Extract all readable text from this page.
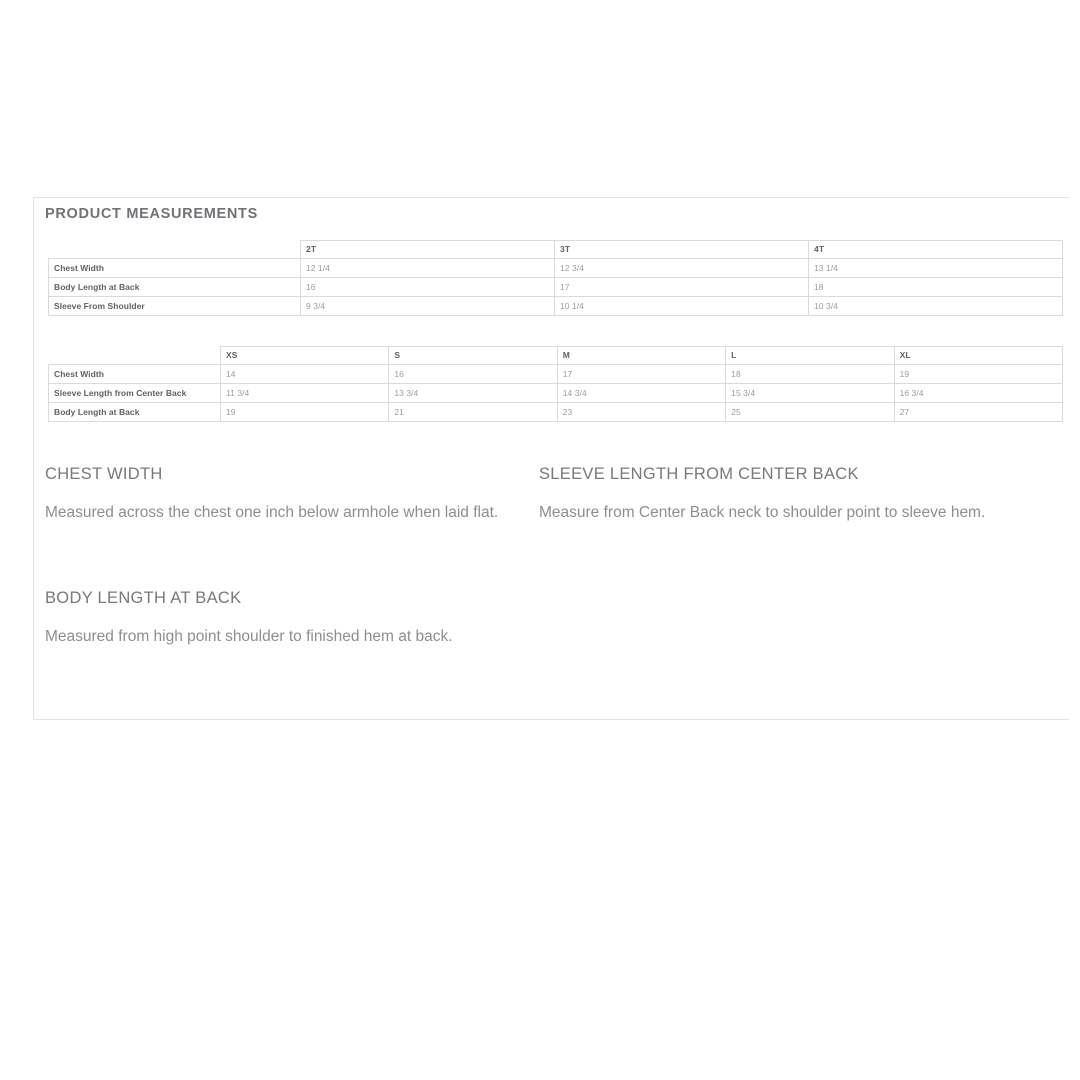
PRODUCT MEASUREMENTS
	2T	3T	4T
Chest Width	12 1/4	12 3/4	13 1/4
Body Length at Back	16	17	18
Sleeve From Shoulder	9 3/4	10 1/4	10 3/4
	XS	S	M	L	XL
Chest Width	14	16	17	18	19
Sleeve Length from Center Back	11 3/4	13 3/4	14 3/4	15 3/4	16 3/4
Body Length at Back	19	21	23	25	27

CHEST WIDTH

Measured across the chest one inch below armhole when laid flat.

SLEEVE LENGTH FROM CENTER BACK

Measure from Center Back neck to shoulder point to sleeve hem.

BODY LENGTH AT BACK

Measured from high point shoulder to finished hem at back.
